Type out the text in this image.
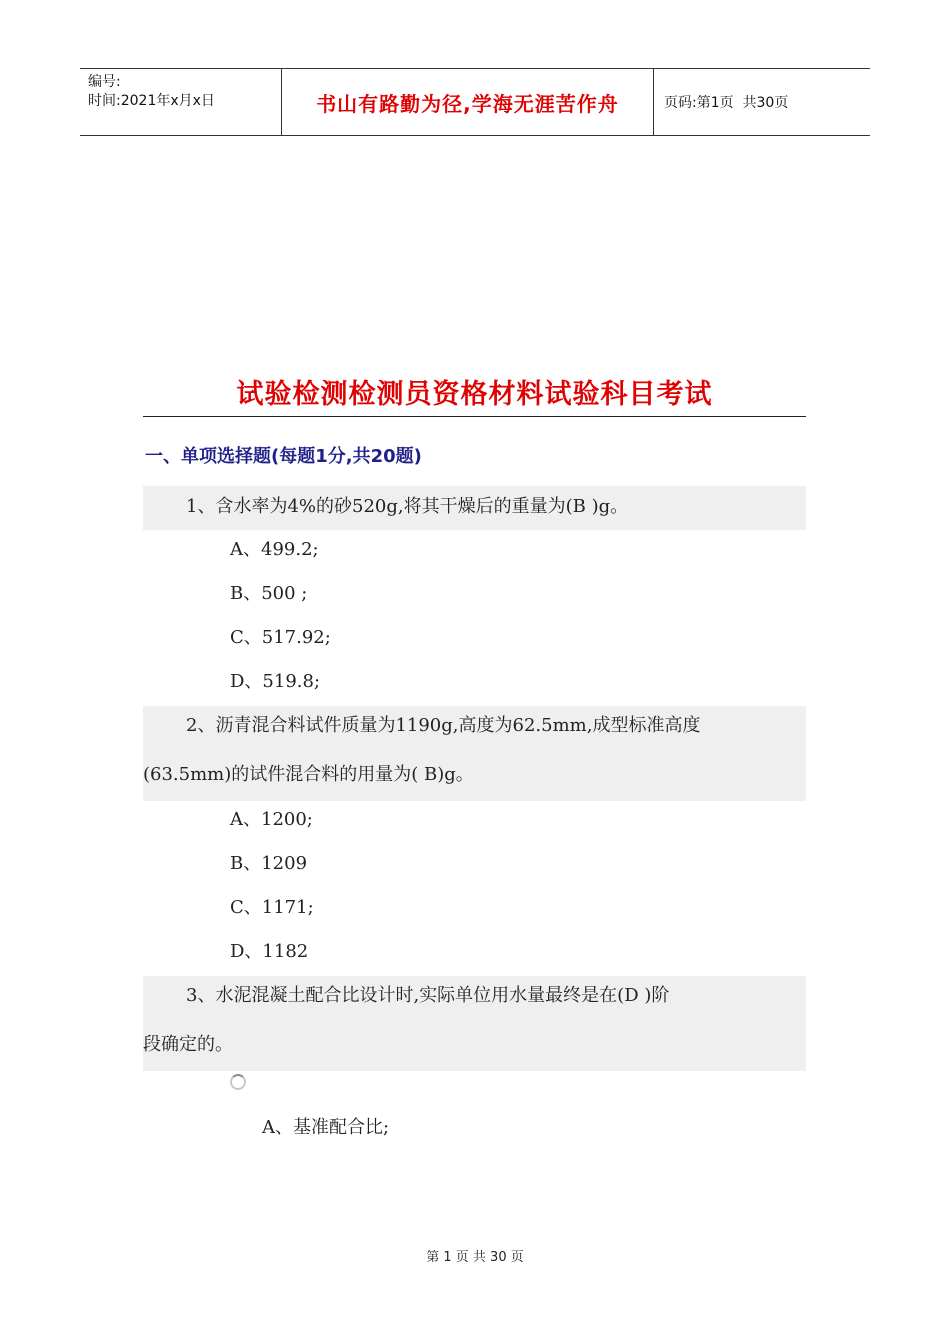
编号:
时间:2021年x月x日	书山有路勤为径,学海无涯苦作舟	页码:第1页  共30页
试验检测检测员资格材料试验科目考试
一、单项选择题(每题1分,共20题)
1、含水率为4%的砂520g,将其干燥后的重量为(B )g。
A、499.2;
B、500 ;
C、517.92;
D、519.8;
2、沥青混合料试件质量为1190g,高度为62.5mm,成型标准高度
(63.5mm)的试件混合料的用量为( B)g。
A、1200;
B、1209
C、1171;
D、1182
3、水泥混凝土配合比设计时,实际单位用水量最终是在(D )阶
段确定的。
A、基准配合比;
第 1 页 共 30 页
